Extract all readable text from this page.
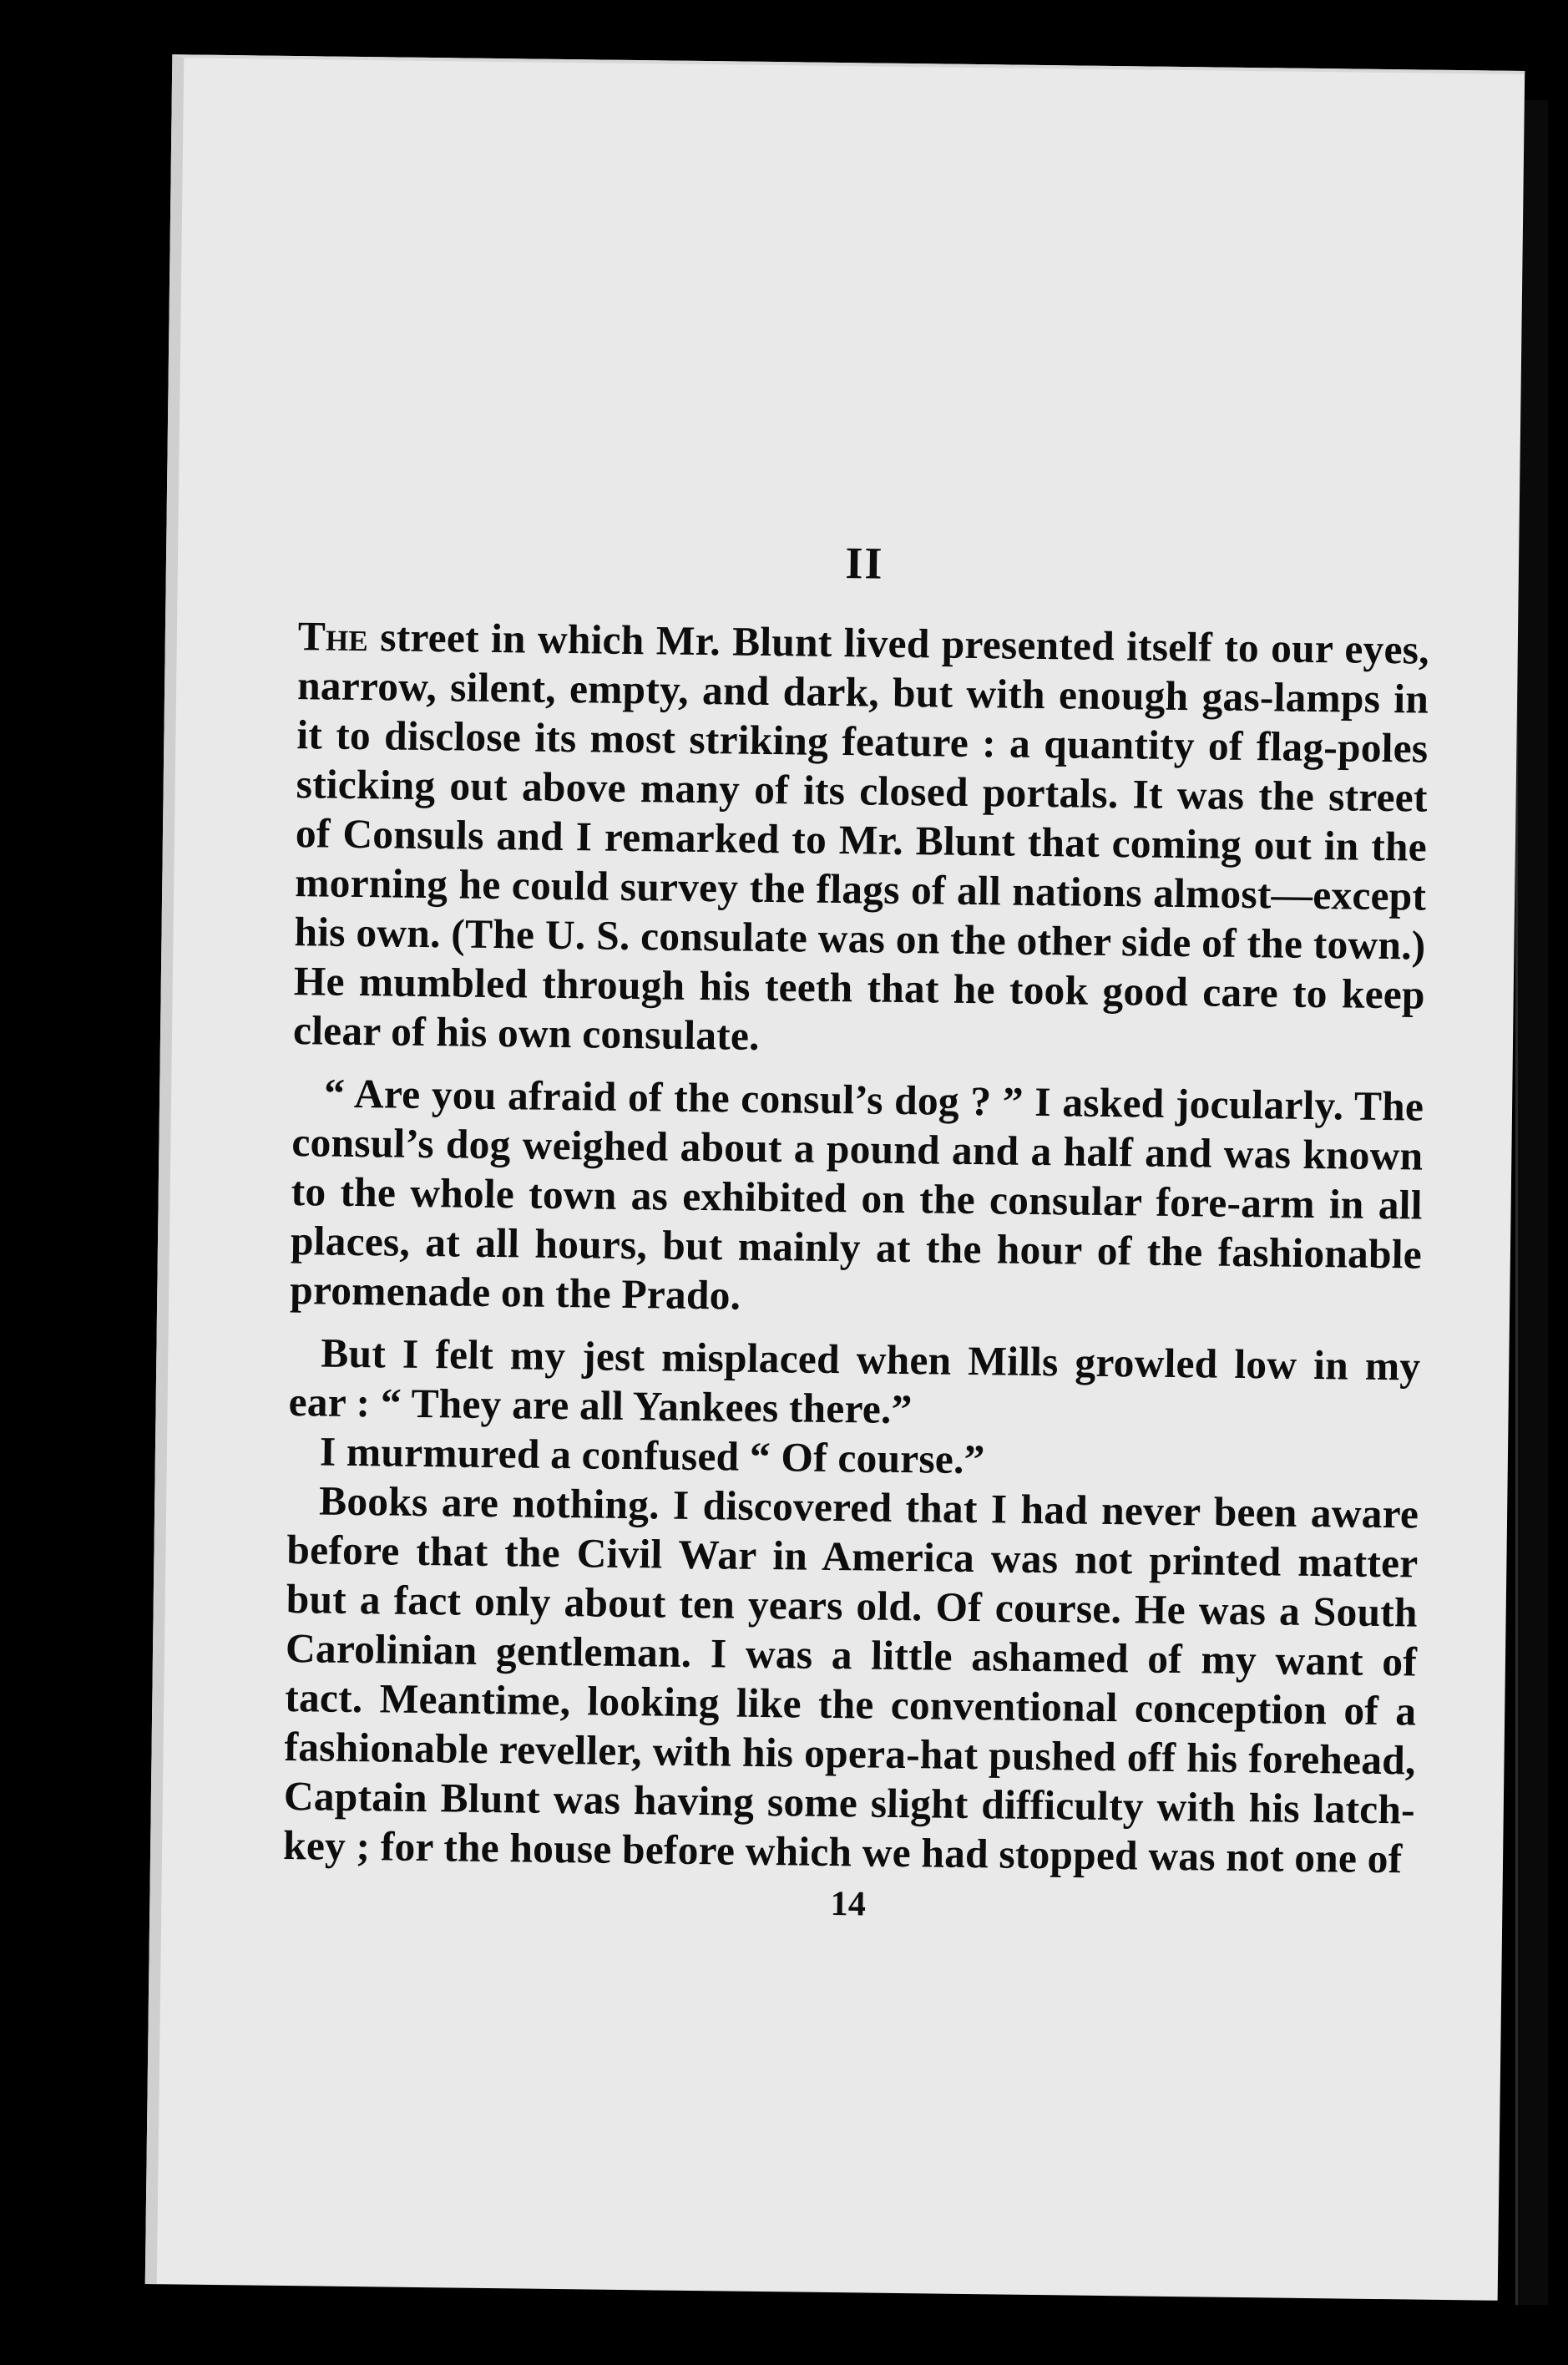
II

The street in which Mr. Blunt lived presented itself to our eyes, narrow, silent, empty, and dark, but with enough gas-lamps in it to disclose its most striking feature : a quantity of flag-poles sticking out above many of its closed portals. It was the street of Consuls and I remarked to Mr. Blunt that coming out in the morning he could survey the flags of all nations almost—except his own. (The U. S. consulate was on the other side of the town.) He mumbled through his teeth that he took good care to keep clear of his own consulate.

“ Are you afraid of the consul’s dog ? ” I asked jocularly. The consul’s dog weighed about a pound and a half and was known to the whole town as exhibited on the consular fore-arm in all places, at all hours, but mainly at the hour of the fashionable promenade on the Prado.

But I felt my jest misplaced when Mills growled low in my ear : “ They are all Yankees there.”

I murmured a confused “ Of course.”

Books are nothing. I discovered that I had never been aware before that the Civil War in America was not printed matter but a fact only about ten years old. Of course. He was a South Carolinian gentleman. I was a little ashamed of my want of tact. Meantime, looking like the conventional conception of a fashionable reveller, with his opera-hat pushed off his forehead, Captain Blunt was having some slight difficulty with his latch-key ; for the house before which we had stopped was not one of

14
